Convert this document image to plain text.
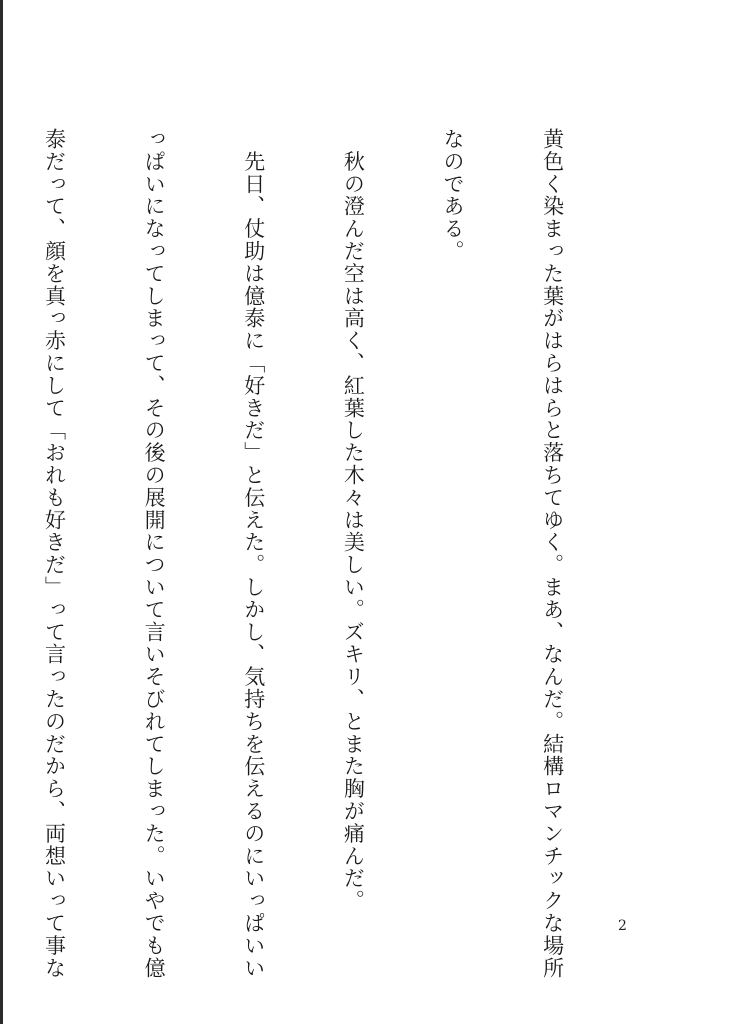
黄色く染まった葉がはらはらと落ちてゆく。まあ、なんだ。結構ロマンチックな場所

なのである。

　秋の澄んだ空は高く、紅葉した木々は美しい。ズキリ、とまた胸が痛んだ。

　先日、仗助は億泰に「好きだ」と伝えた。しかし、気持ちを伝えるのにいっぱいい

っぱいになってしまって、その後の展開について言いそびれてしまった。いやでも億

泰だって、顔を真っ赤にして「おれも好きだ」って言ったのだから、両想いって事な

	2
